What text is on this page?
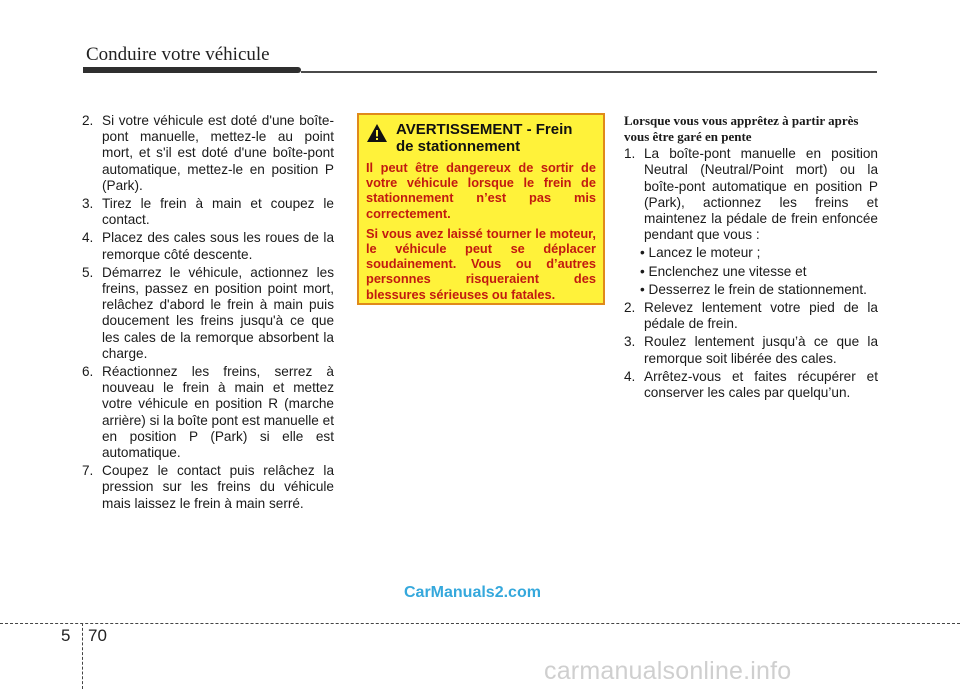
Conduire votre véhicule
2. Si votre véhicule est doté d'une boîte-pont manuelle, mettez-le au point mort, et s'il est doté d'une boîte-pont automatique, mettez-le en position P (Park).
3. Tirez le frein à main et coupez le contact.
4. Placez des cales sous les roues de la remorque côté descente.
5. Démarrez le véhicule, actionnez les freins, passez en position point mort, relâchez d'abord le frein à main puis doucement les freins jusqu'à ce que les cales de la remorque absorbent la charge.
6. Réactionnez les freins, serrez à nouveau le frein à main et mettez votre véhicule en position R (marche arrière) si la boîte pont est manuelle et en position P (Park) si elle est automatique.
7. Coupez le contact puis relâchez la pression sur les freins du véhicule mais laissez le frein à main serré.
AVERTISSEMENT - Frein
de stationnement

Il peut être dangereux de sortir de votre véhicule lorsque le frein de stationnement n’est pas mis correctement.

Si vous avez laissé tourner le moteur, le véhicule peut se déplacer soudainement. Vous ou d’autres personnes risqueraient des blessures sérieuses ou fatales.

Lorsque vous vous apprêtez à partir après vous être garé en pente
1. La boîte-pont manuelle en position Neutral (Neutral/Point mort) ou la boîte-pont automatique en position P (Park), actionnez les freins et maintenez la pédale de frein enfoncée pendant que vous :
• Lancez le moteur ;
• Enclenchez une vitesse et
• Desserrez le frein de stationnement.
2. Relevez lentement votre pied de la pédale de frein.
3. Roulez lentement jusqu’à ce que la remorque soit libérée des cales.
4. Arrêtez-vous et faites récupérer et conserver les cales par quelqu’un.
CarManuals2.com
5 70
carmanualsonline.info
